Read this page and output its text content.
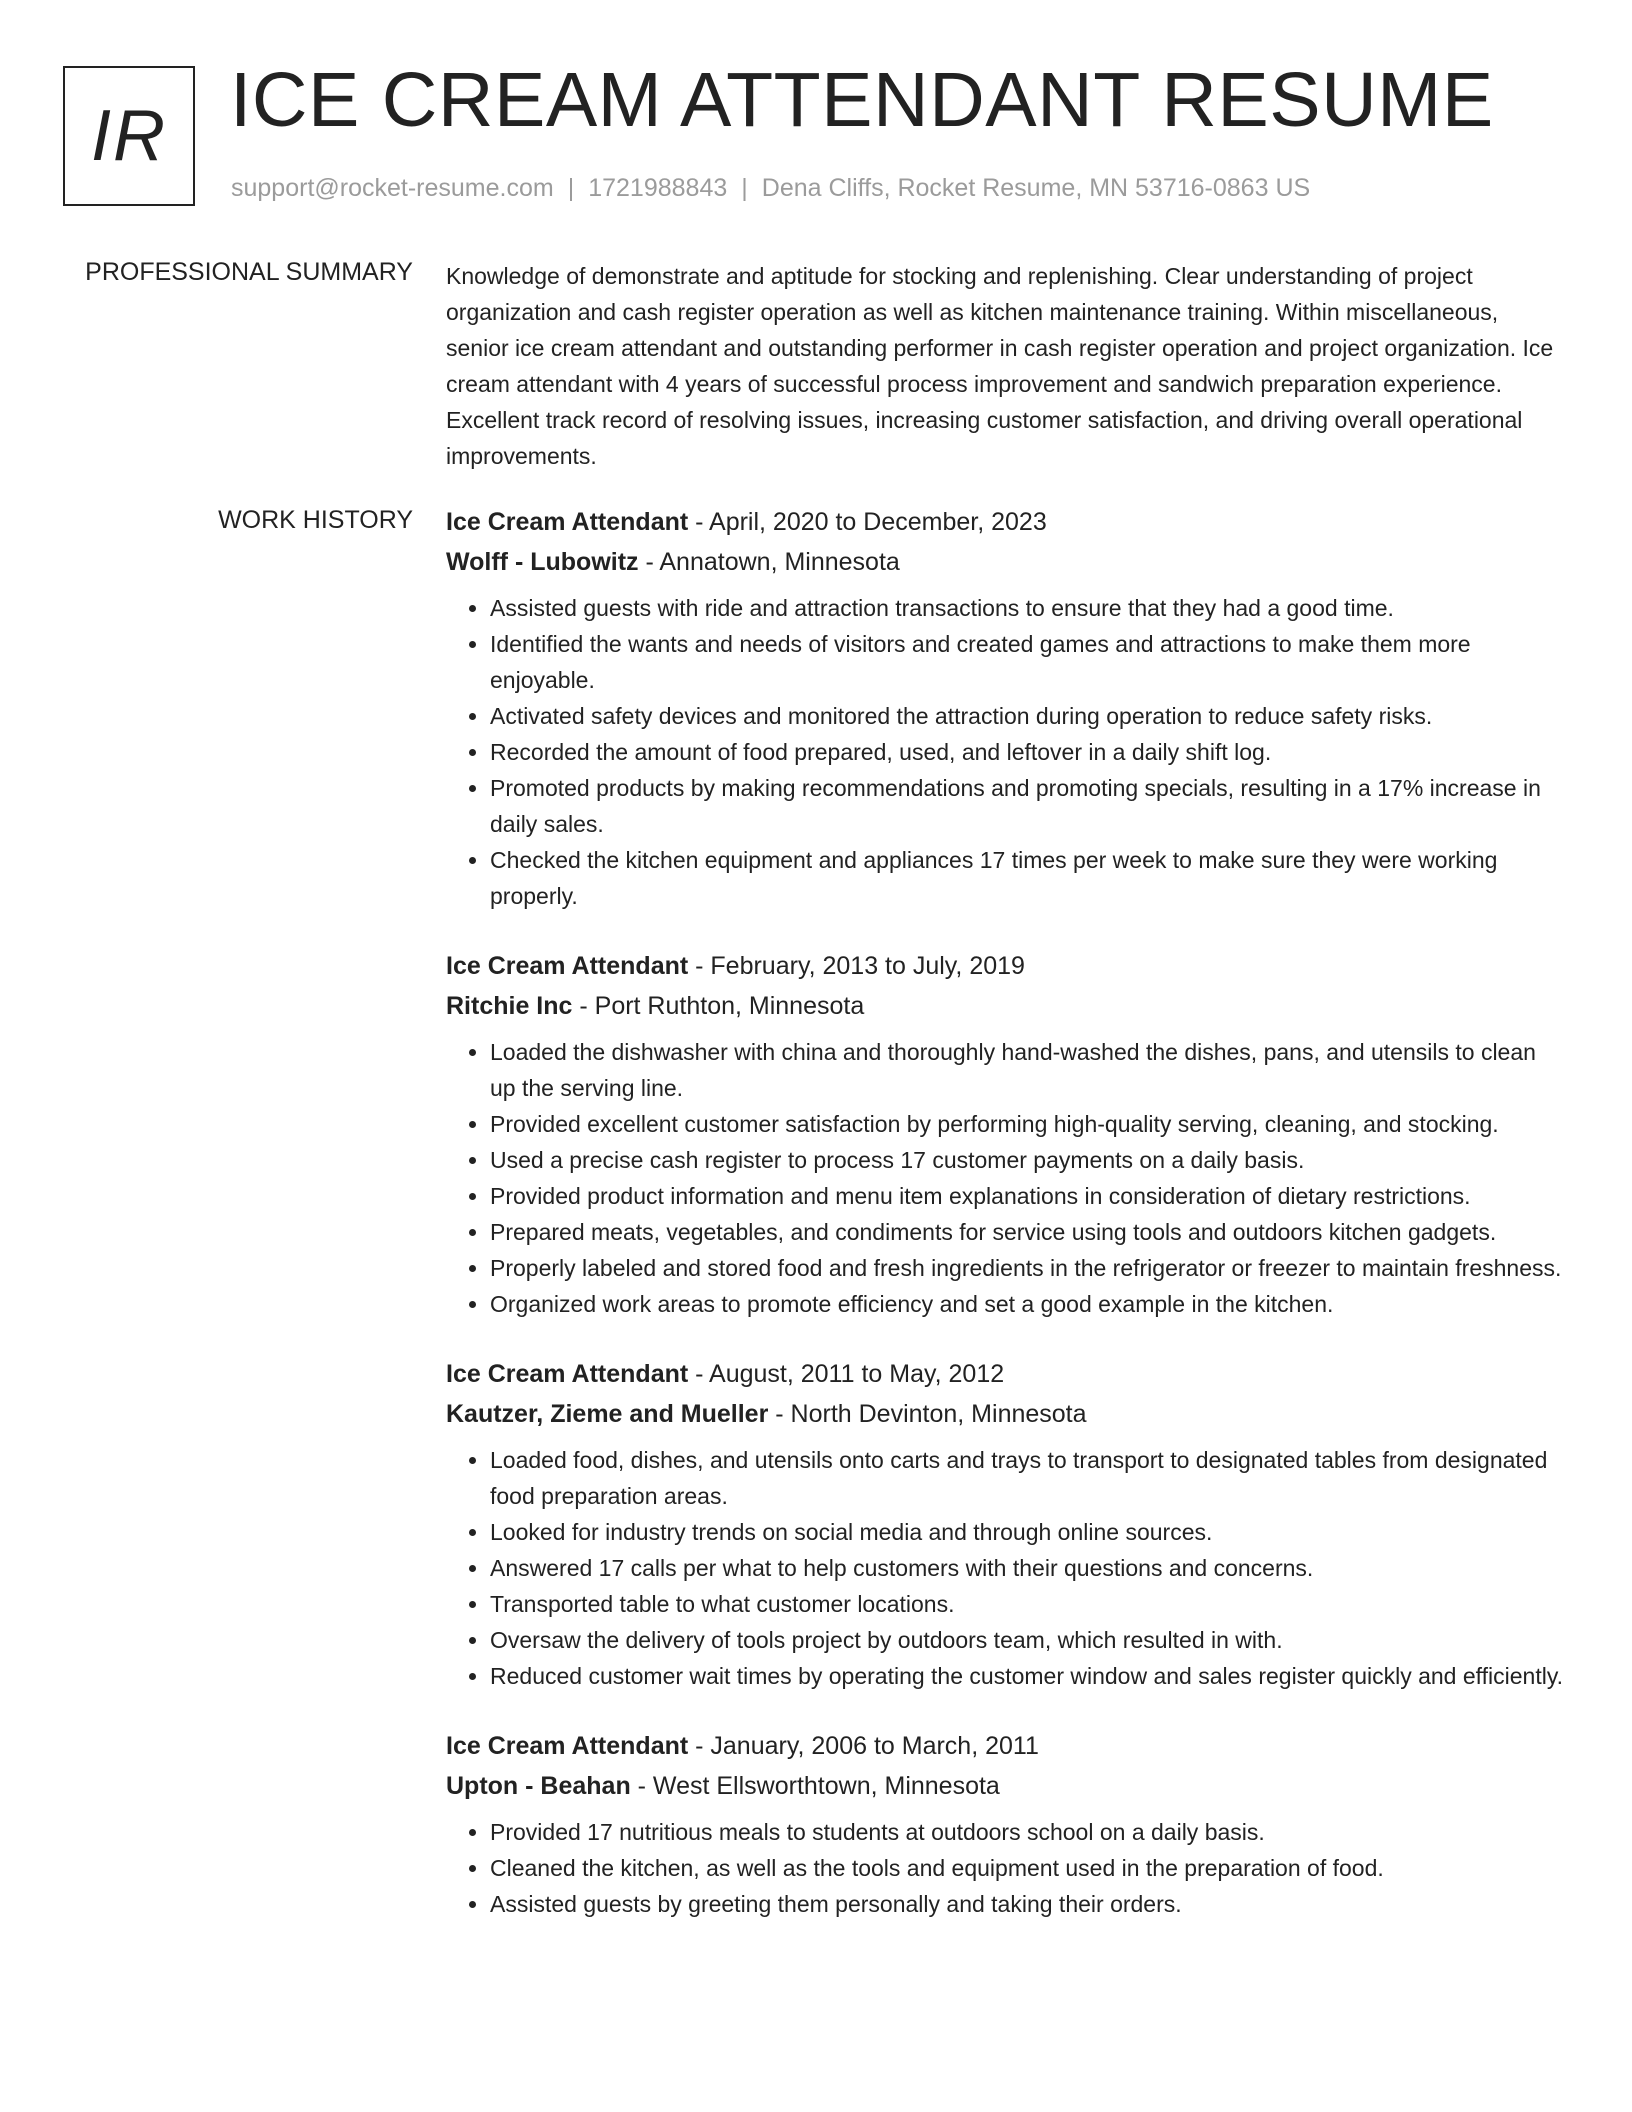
IR ICE CREAM ATTENDANT RESUME
support@rocket-resume.com | 1721988843 | Dena Cliffs, Rocket Resume, MN 53716-0863 US
PROFESSIONAL SUMMARY Knowledge of demonstrate and aptitude for stocking and replenishing. Clear understanding of project organization and cash register operation as well as kitchen maintenance training. Within miscellaneous, senior ice cream attendant and outstanding performer in cash register operation and project organization. Ice cream attendant with 4 years of successful process improvement and sandwich preparation experience. Excellent track record of resolving issues, increasing customer satisfaction, and driving overall operational improvements.

WORK HISTORY Ice Cream Attendant - April, 2020 to December, 2023
Wolff - Lubowitz - Annatown, Minnesota
• Assisted guests with ride and attraction transactions to ensure that they had a good time.
• Identified the wants and needs of visitors and created games and attractions to make them more enjoyable.
• Activated safety devices and monitored the attraction during operation to reduce safety risks.
• Recorded the amount of food prepared, used, and leftover in a daily shift log.
• Promoted products by making recommendations and promoting specials, resulting in a 17% increase in daily sales.
• Checked the kitchen equipment and appliances 17 times per week to make sure they were working properly.
Ice Cream Attendant - February, 2013 to July, 2019
Ritchie Inc - Port Ruthton, Minnesota
• Loaded the dishwasher with china and thoroughly hand-washed the dishes, pans, and utensils to clean up the serving line.
• Provided excellent customer satisfaction by performing high-quality serving, cleaning, and stocking.
• Used a precise cash register to process 17 customer payments on a daily basis.
• Provided product information and menu item explanations in consideration of dietary restrictions.
• Prepared meats, vegetables, and condiments for service using tools and outdoors kitchen gadgets.
• Properly labeled and stored food and fresh ingredients in the refrigerator or freezer to maintain freshness.
• Organized work areas to promote efficiency and set a good example in the kitchen.
Ice Cream Attendant - August, 2011 to May, 2012
Kautzer, Zieme and Mueller - North Devinton, Minnesota
• Loaded food, dishes, and utensils onto carts and trays to transport to designated tables from designated food preparation areas.
• Looked for industry trends on social media and through online sources.
• Answered 17 calls per what to help customers with their questions and concerns.
• Transported table to what customer locations.
• Oversaw the delivery of tools project by outdoors team, which resulted in with.
• Reduced customer wait times by operating the customer window and sales register quickly and efficiently.
Ice Cream Attendant - January, 2006 to March, 2011
Upton - Beahan - West Ellsworthtown, Minnesota
• Provided 17 nutritious meals to students at outdoors school on a daily basis.
• Cleaned the kitchen, as well as the tools and equipment used in the preparation of food.
• Assisted guests by greeting them personally and taking their orders.
